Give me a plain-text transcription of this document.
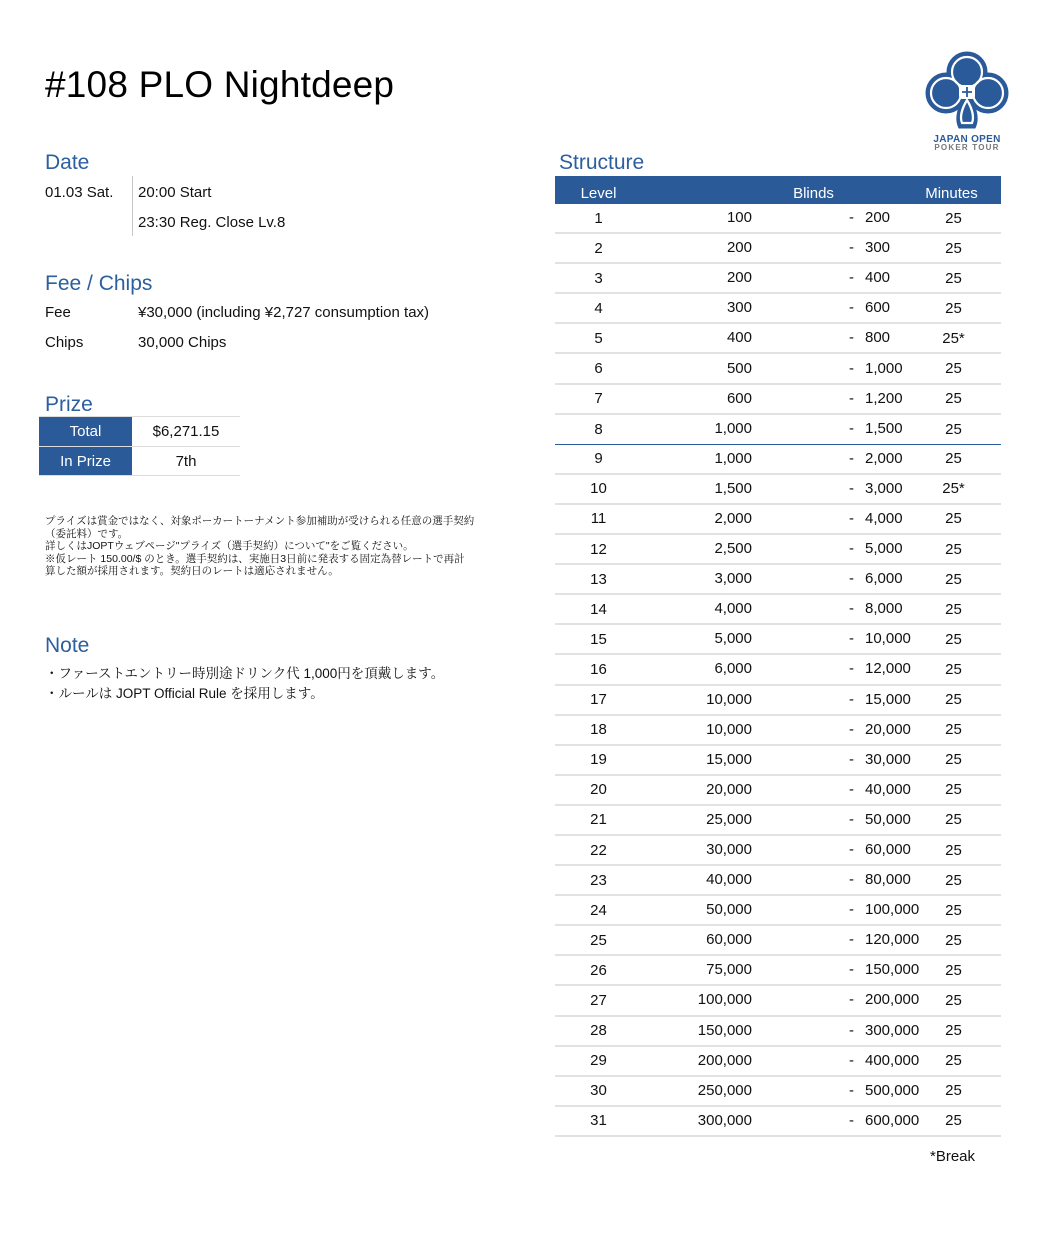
#108 PLO Nightdeep
JAPAN OPEN
POKER TOUR
Date
01.03 Sat. 20:00 Start
23:30 Reg. Close Lv.8
Fee / Chips
Fee	¥30,000 (including ¥2,727 consumption tax)
Chips	30,000 Chips
Prize
Total	$6,271.15
In Prize	7th
プライズは賞金ではなく、対象ポーカートーナメント参加補助が受けられる任意の選手契約
（委託料）です。
詳しくはJOPTウェブページ"プライズ（選手契約）について"をご覧ください。
※仮レート 150.00/$ のとき。選手契約は、実施日3日前に発表する固定為替レートで再計
算した額が採用されます。契約日のレートは適応されません。
Note
・ファーストエントリー時別途ドリンク代 1,000円を頂戴します。
・ルールは JOPT Official Rule を採用します。
Structure
Level	Blinds	Minutes
1	100	- 200	25
2	200	- 300	25
3	200	- 400	25
4	300	- 600	25
5	400	- 800	25*
6	500	- 1,000	25
7	600	- 1,200	25
8	1,000	- 1,500	25
9	1,000	- 2,000	25
10	1,500	- 3,000	25*
11	2,000	- 4,000	25
12	2,500	- 5,000	25
13	3,000	- 6,000	25
14	4,000	- 8,000	25
15	5,000	- 10,000	25
16	6,000	- 12,000	25
17	10,000	- 15,000	25
18	10,000	- 20,000	25
19	15,000	- 30,000	25
20	20,000	- 40,000	25
21	25,000	- 50,000	25
22	30,000	- 60,000	25
23	40,000	- 80,000	25
24	50,000	- 100,000	25
25	60,000	- 120,000	25
26	75,000	- 150,000	25
27	100,000	- 200,000	25
28	150,000	- 300,000	25
29	200,000	- 400,000	25
30	250,000	- 500,000	25
31	300,000	- 600,000	25
*Break
